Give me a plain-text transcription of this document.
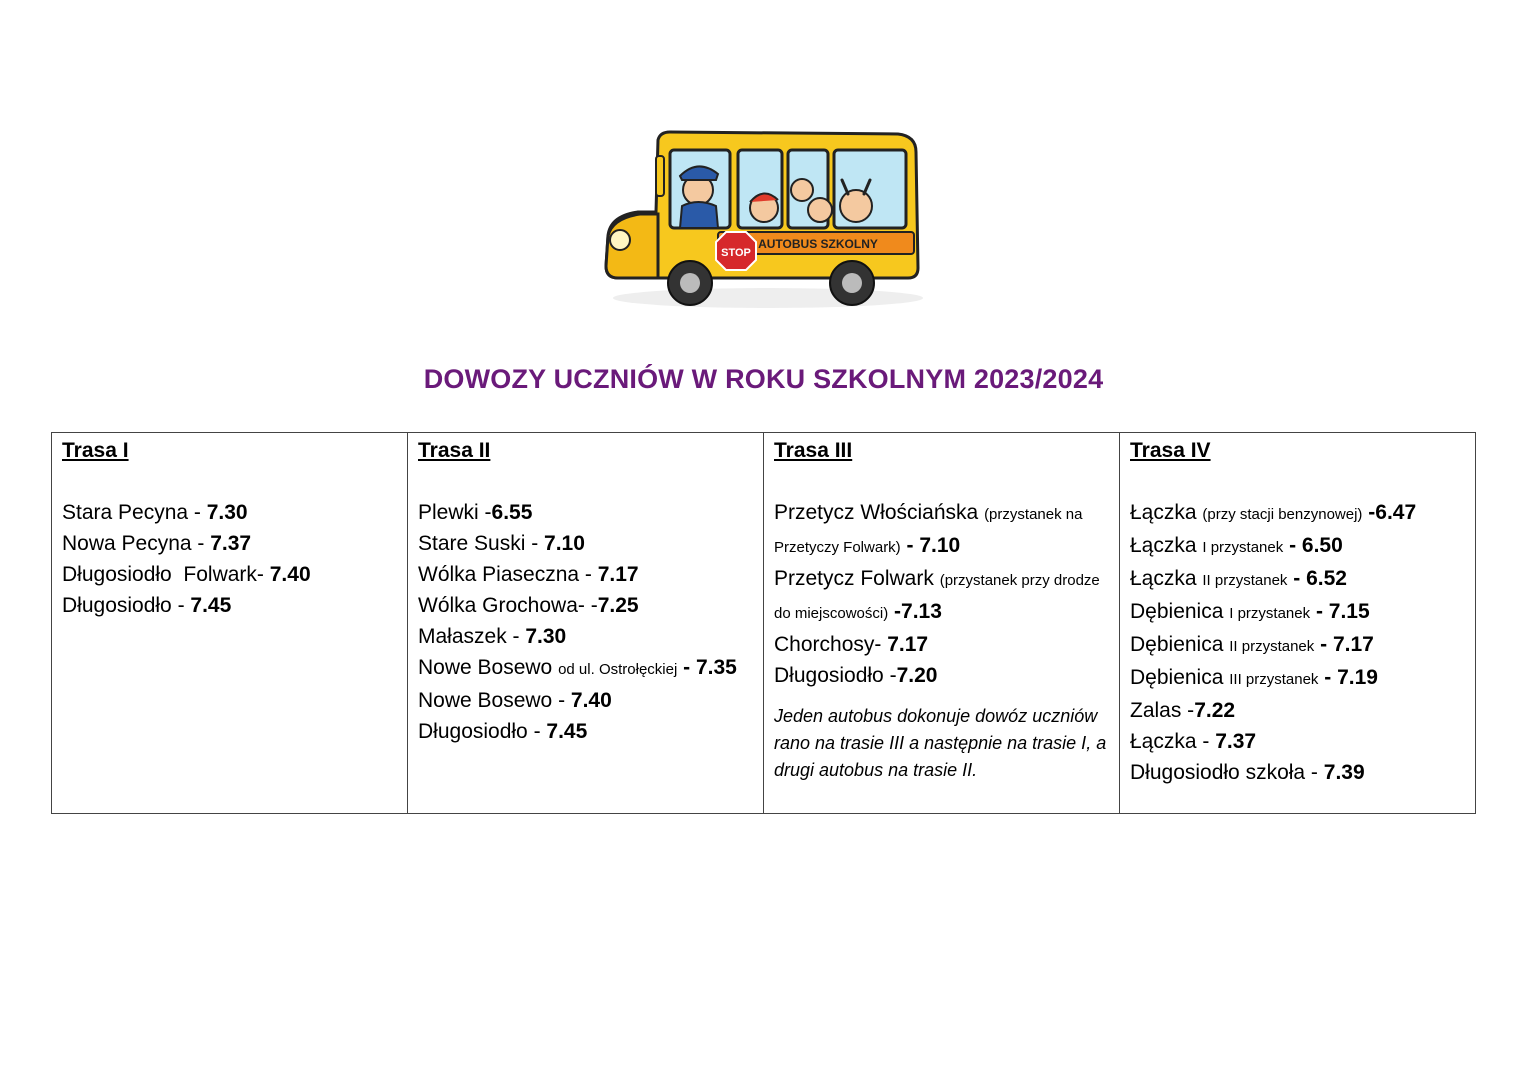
AUTOBUS SZKOLNY
STOP
DOWOZY UCZNIÓW W ROKU SZKOLNYM 2023/2024
Trasa I
Stara Pecyna - 7.30
Nowa Pecyna - 7.37
Długosiodło  Folwark- 7.40
Długosiodło - 7.45

Trasa II
Plewki -6.55
Stare Suski - 7.10
Wólka Piaseczna - 7.17
Wólka Grochowa- -7.25
Małaszek - 7.30
Nowe Bosewo od ul. Ostrołęckiej - 7.35
Nowe Bosewo - 7.40
Długosiodło - 7.45

Trasa III
Przetycz Włościańska (przystanek na Przetyczy Folwark) - 7.10
Przetycz Folwark (przystanek przy drodze do miejscowości) -7.13
Chorchosy- 7.17
Długosiodło -7.20
Jeden autobus dokonuje dowóz uczniów rano na trasie III a następnie na trasie I, a drugi autobus na trasie II.

Trasa IV
Łączka (przy stacji benzynowej) -6.47
Łączka I przystanek - 6.50
Łączka II przystanek - 6.52
Dębienica I przystanek - 7.15
Dębienica II przystanek - 7.17
Dębienica III przystanek - 7.19
Zalas -7.22
Łączka - 7.37
Długosiodło szkoła - 7.39
